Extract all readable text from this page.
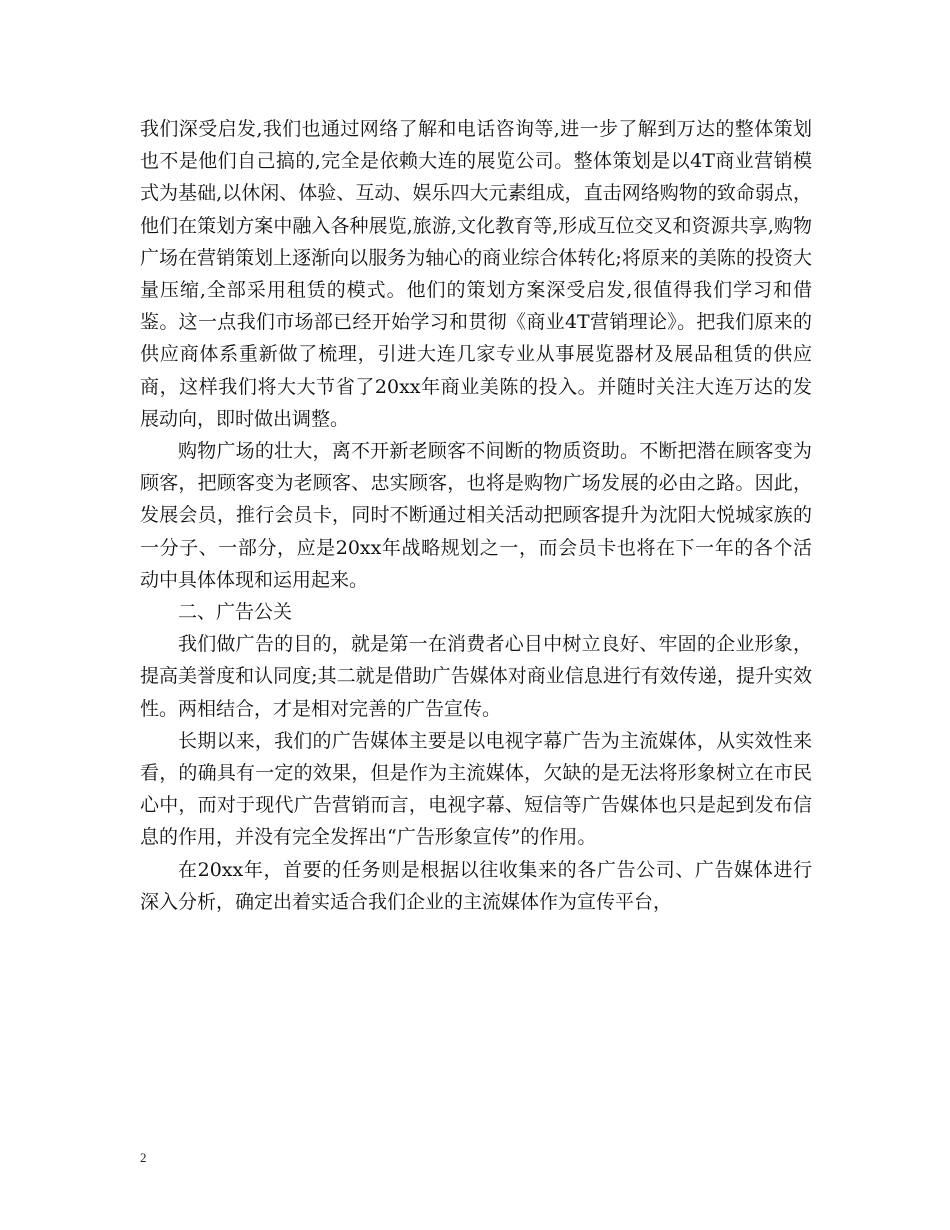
我们深受启发,我们也通过网络了解和电话咨询等,进一步了解到万达的整体策划也不是他们自己搞的,完全是依赖大连的展览公司。整体策划是以4T商业营销模式为基础,以休闲、体验、互动、娱乐四大元素组成，直击网络购物的致命弱点，他们在策划方案中融入各种展览,旅游,文化教育等,形成互位交叉和资源共享,购物广场在营销策划上逐渐向以服务为轴心的商业综合体转化;将原来的美陈的投资大量压缩,全部采用租赁的模式。他们的策划方案深受启发,很值得我们学习和借鉴。这一点我们市场部已经开始学习和贯彻《商业4T营销理论》。把我们原来的供应商体系重新做了梳理，引进大连几家专业从事展览器材及展品租赁的供应商，这样我们将大大节省了20xx年商业美陈的投入。并随时关注大连万达的发展动向，即时做出调整。

购物广场的壮大，离不开新老顾客不间断的物质资助。不断把潜在顾客变为顾客，把顾客变为老顾客、忠实顾客，也将是购物广场发展的必由之路。因此，发展会员，推行会员卡，同时不断通过相关活动把顾客提升为沈阳大悦城家族的一分子、一部分，应是20xx年战略规划之一，而会员卡也将在下一年的各个活动中具体体现和运用起来。

二、广告公关

我们做广告的目的，就是第一在消费者心目中树立良好、牢固的企业形象，提高美誉度和认同度;其二就是借助广告媒体对商业信息进行有效传递，提升实效性。两相结合，才是相对完善的广告宣传。

长期以来，我们的广告媒体主要是以电视字幕广告为主流媒体，从实效性来看，的确具有一定的效果，但是作为主流媒体，欠缺的是无法将形象树立在市民心中，而对于现代广告营销而言，电视字幕、短信等广告媒体也只是起到发布信息的作用，并没有完全发挥出“广告形象宣传”的作用。

在20xx年，首要的任务则是根据以往收集来的各广告公司、广告媒体进行深入分析，确定出着实适合我们企业的主流媒体作为宣传平台，

2
